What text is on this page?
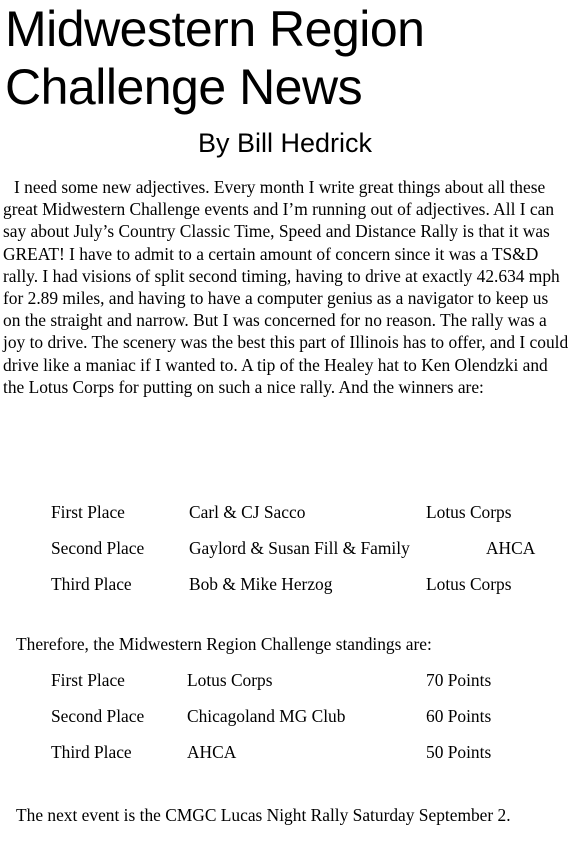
Midwestern Region
Challenge News
By Bill Hedrick

I need some new adjectives. Every month I write great things about all these great Midwestern Challenge events and I’m running out of adjectives. All I can say about July’s Country Classic Time, Speed and Distance Rally is that it was GREAT! I have to admit to a certain amount of concern since it was a TS&D rally. I had visions of split second timing, having to drive at exactly 42.634 mph for 2.89 miles, and having to have a computer genius as a navigator to keep us on the straight and narrow. But I was concerned for no reason. The rally was a joy to drive. The scenery was the best this part of Illinois has to offer, and I could drive like a maniac if I wanted to. A tip of the Healey hat to Ken Olendzki and the Lotus Corps for putting on such a nice rally. And the winners are:

First Place	Carl & CJ Sacco	Lotus Corps
Second Place	Gaylord & Susan Fill & Family	AHCA
Third Place	Bob & Mike Herzog	Lotus Corps

Therefore, the Midwestern Region Challenge standings are:

First Place	Lotus Corps	70 Points
Second Place Chicagoland MG Club	60 Points
Third Place	AHCA	50 Points

The next event is the CMGC Lucas Night Rally Saturday September 2.
